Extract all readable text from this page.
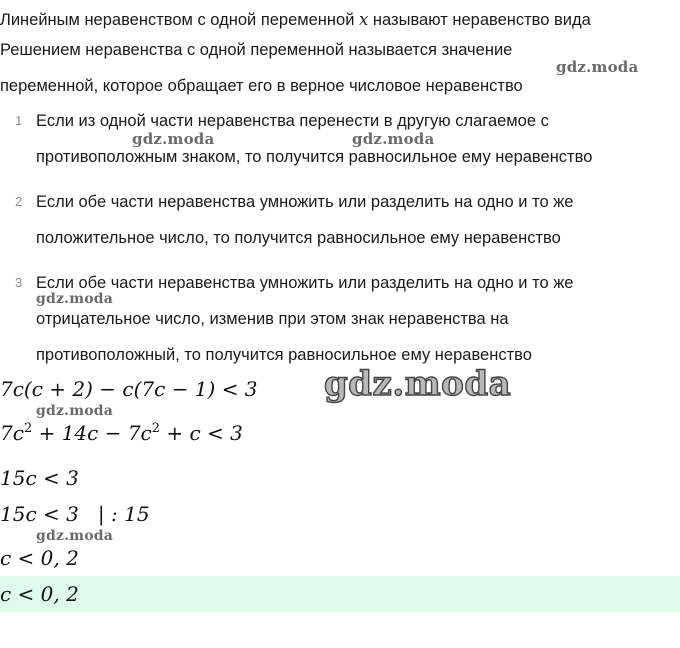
Линейным неравенством с одной переменной x называют неравенство вида
Решением неравенства с одной переменной называется значение
переменной, которое обращает его в верное числовое неравенство
1 Если из одной части неравенства перенести в другую слагаемое с
противоположным знаком, то получится равносильное ему неравенство
2 Если обе части неравенства умножить или разделить на одно и то же
положительное число, то получится равносильное ему неравенство
3 Если обе части неравенства умножить или разделить на одно и то же
отрицательное число, изменив при этом знак неравенства на
противоположный, то получится равносильное ему неравенство
7c(c + 2) − c(7c − 1) < 3
$7c^2 + 14c - 7c^2 + c < 3$
15c < 3
15c < 3   | : 15
c < 0, 2
c < 0, 2
gdz.moda
gdz.moda	gdz.moda
gdz.moda
gdz.moda
gdz.moda
gdz.moda
